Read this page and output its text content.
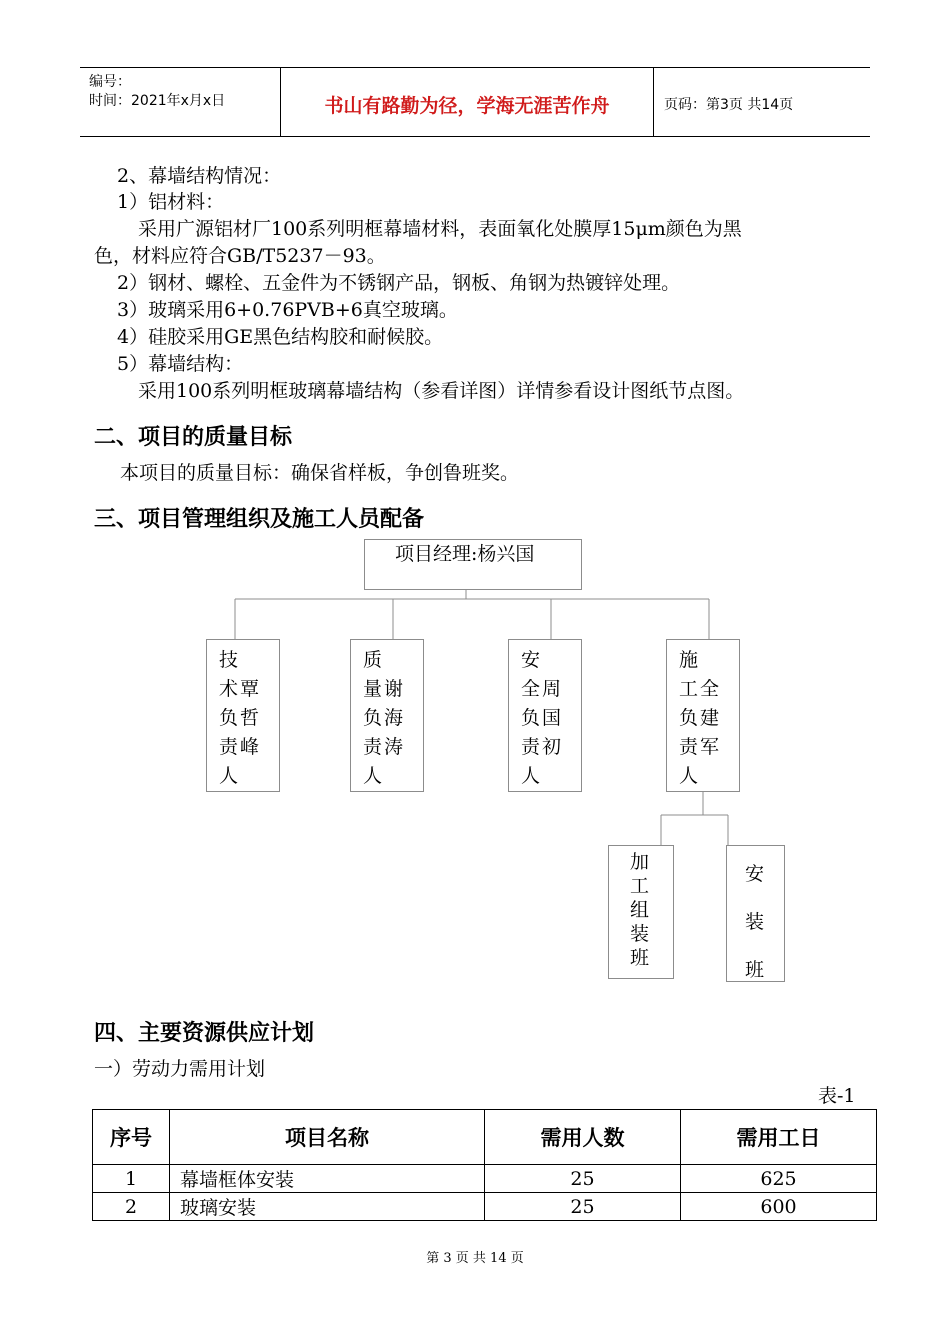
编号：
时间：2021年x月x日	书山有路勤为径，学海无涯苦作舟	页码：第3页 共14页
2、幕墙结构情况：
1）铝材料：
采用广源铝材厂100系列明框幕墙材料，表面氧化处膜厚15μm颜色为黑
色，材料应符合GB/T5237－93。
2）钢材、螺栓、五金件为不锈钢产品，钢板、角钢为热镀锌处理。
3）玻璃采用6+0.76PVB+6真空玻璃。
4）硅胶采用GE黑色结构胶和耐候胶。
5）幕墙结构：
采用100系列明框玻璃幕墙结构（参看详图）详情参看设计图纸节点图。
二、项目的质量目标
本项目的质量目标：确保省样板，争创鲁班奖。
三、项目管理组织及施工人员配备
项目经理:杨兴国
技
术
负
责
人
覃
哲
峰
质
量
负
责
人
谢
海
涛
安
全
负
责
人
周
国
初
施
工
负
责
人
全
建
军
加
工
组
装
班
安
装
班
四、主要资源供应计划
一）劳动力需用计划
表-1
序号	项目名称	需用人数	需用工日
1	幕墙框体安装	25	625
2	玻璃安装	25	600
第 3 页 共 14 页
